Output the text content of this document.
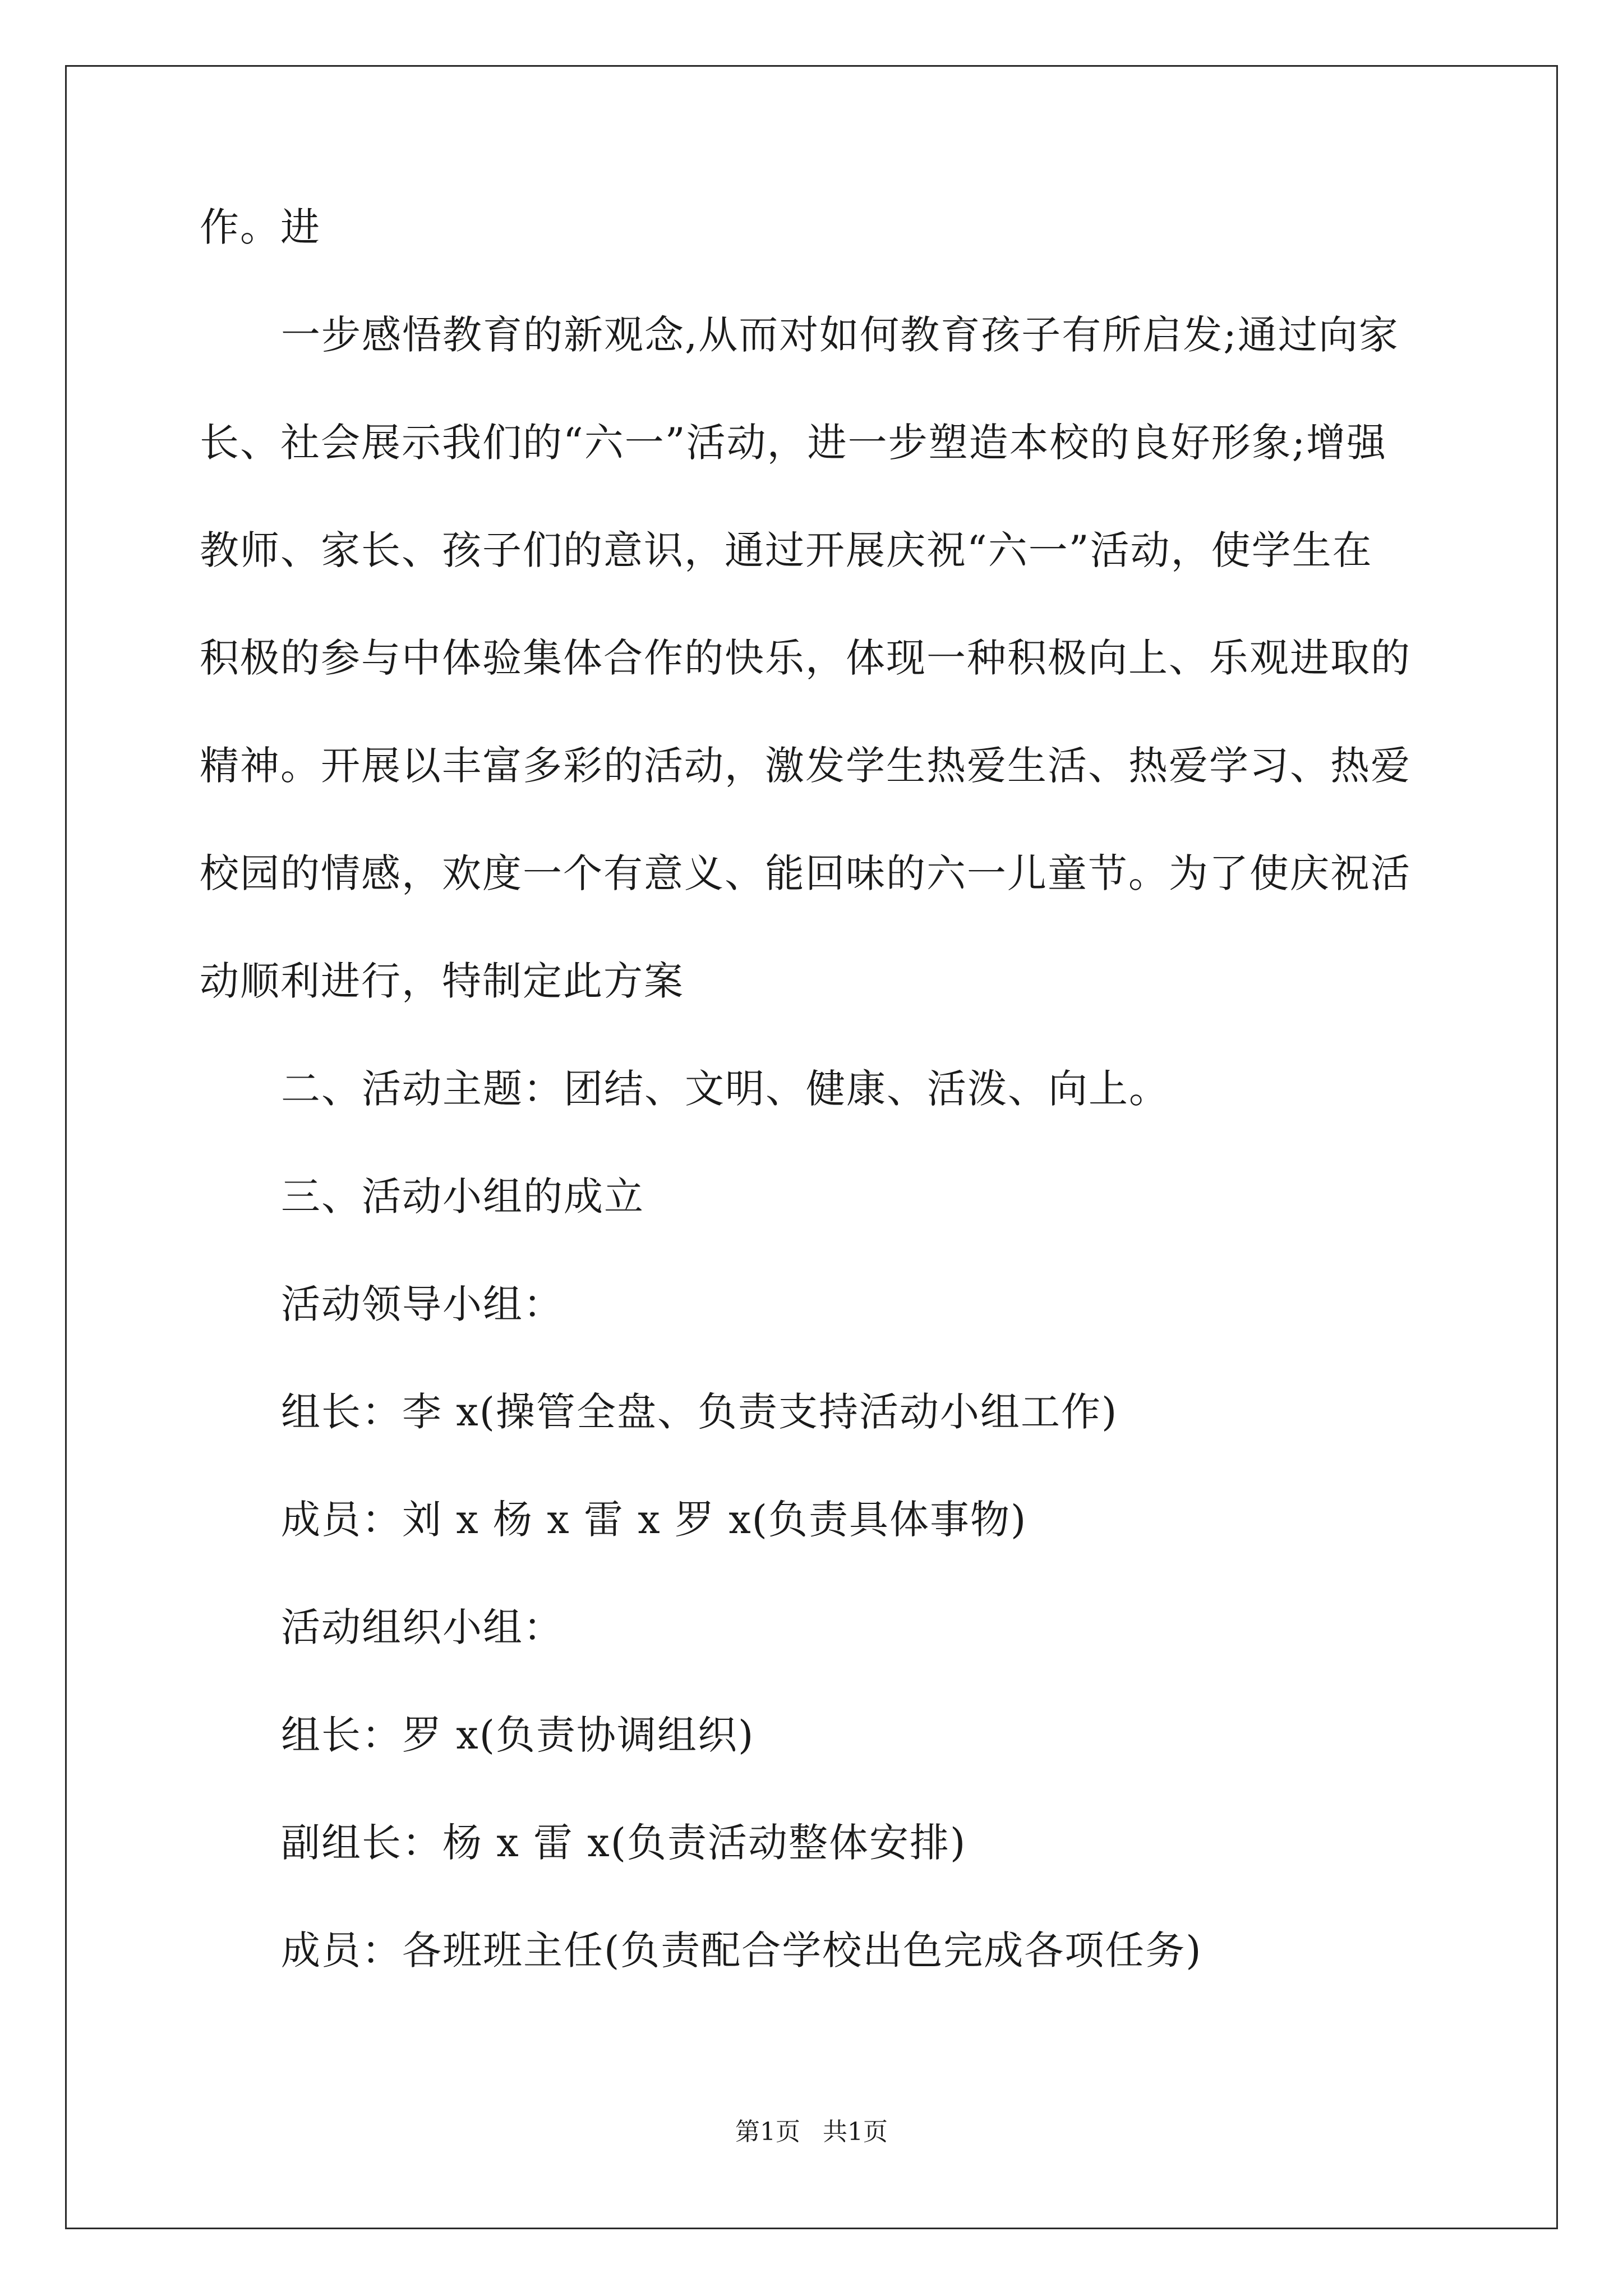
作。进

一步感悟教育的新观念,从而对如何教育孩子有所启发;通过向家

长、社会展示我们的“六一”活动，进一步塑造本校的良好形象;增强

教师、家长、孩子们的意识，通过开展庆祝“六一”活动，使学生在

积极的参与中体验集体合作的快乐，体现一种积极向上、乐观进取的

精神。开展以丰富多彩的活动，激发学生热爱生活、热爱学习、热爱

校园的情感，欢度一个有意义、能回味的六一儿童节。为了使庆祝活

动顺利进行，特制定此方案

二、活动主题：团结、文明、健康、活泼、向上。

三、活动小组的成立

活动领导小组：

组长：李 x(操管全盘、负责支持活动小组工作)

成员：刘 x 杨 x 雷 x 罗 x(负责具体事物)

活动组织小组：

组长：罗 x(负责协调组织)

副组长：杨 x 雷 x(负责活动整体安排)

成员：各班班主任(负责配合学校出色完成各项任务)

第1页 共1页
